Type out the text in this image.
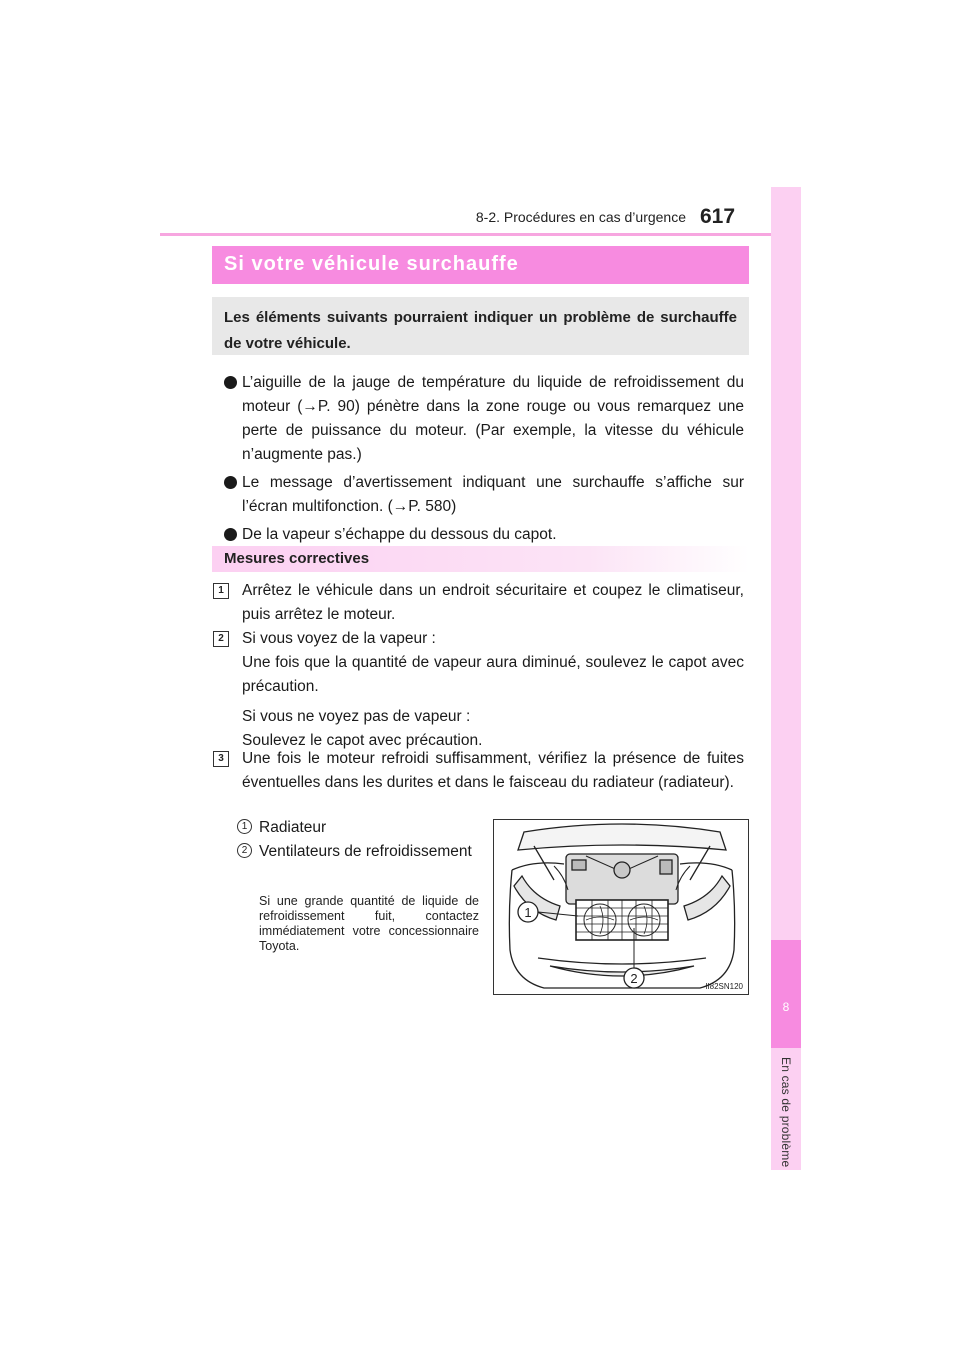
8-2. Procédures en cas d’urgence 617
8
En cas de problème
Si votre véhicule surchauffe
Les éléments suivants pourraient indiquer un problème de surchauffe de votre véhicule.
L’aiguille de la jauge de température du liquide de refroidissement du moteur (→P. 90) pénètre dans la zone rouge ou vous remarquez une perte de puissance du moteur. (Par exemple, la vitesse du véhicule n’augmente pas.)
Le message d’avertissement indiquant une surchauffe s’affiche sur l’écran multifonction. (→P. 580)
De la vapeur s’échappe du dessous du capot.
Mesures correctives
1	Arrêtez le véhicule dans un endroit sécuritaire et coupez le climatiseur, puis arrêtez le moteur.
2	Si vous voyez de la vapeur :
Une fois que la quantité de vapeur aura diminué, soulevez le capot avec précaution.
Si vous ne voyez pas de vapeur :
Soulevez le capot avec précaution.
3	Une fois le moteur refroidi suffisamment, vérifiez la présence de fuites éventuelles dans les durites et dans le faisceau du radiateur (radiateur).
1 Radiateur
2 Ventilateurs de refroidissement
Si une grande quantité de liquide de refroidissement fuit, contactez immédiatement votre concessionnaire Toyota.
1
2
II82SN120
